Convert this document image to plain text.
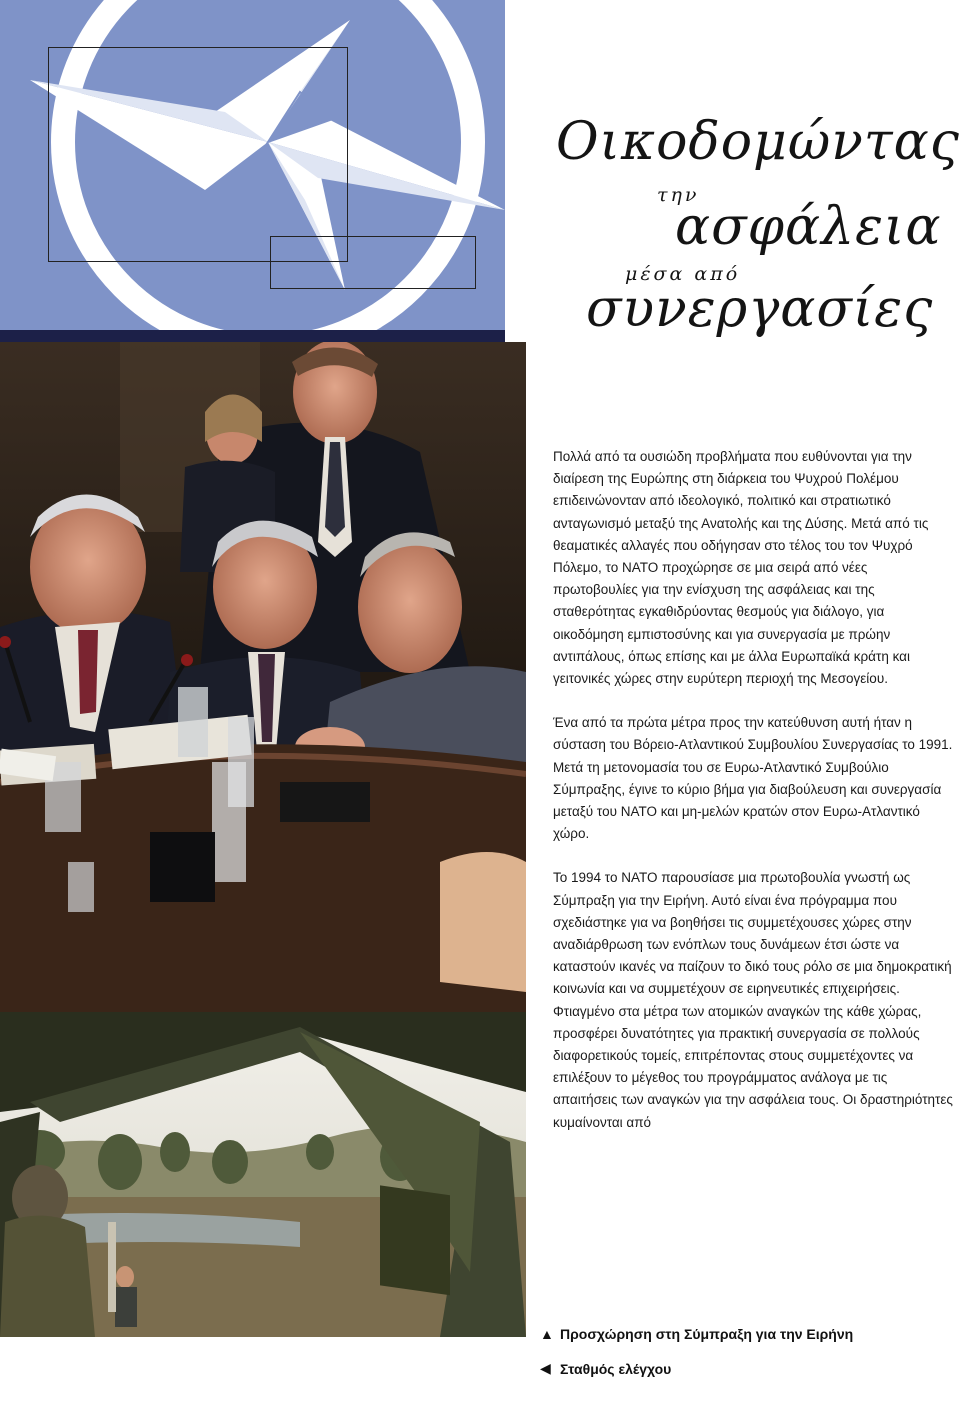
Οικοδομώντας
την
ασφάλεια
μέσα από
συνεργασίες

Πολλά από τα ουσιώδη προβλήματα που ευθύνονται για την διαίρεση της Ευρώπης στη διάρκεια του Ψυχρού Πολέμου επιδεινώνονταν από ιδεολογικό, πολιτικό και στρατιωτικό ανταγωνισμό μεταξύ της Ανατολής και της Δύσης. Μετά από τις θεαματικές αλλαγές που οδήγησαν στο τέλος του τον Ψυχρό Πόλεμο, το ΝΑΤΟ προχώρησε σε μια σειρά από νέες πρωτοβουλίες για την ενίσχυση της ασφάλειας και της σταθερότητας εγκαθιδρύοντας θεσμούς για διάλογο, για οικοδόμηση εμπιστοσύνης και για συνεργασία με πρώην αντιπάλους, όπως επίσης και με άλλα Ευρωπαϊκά κράτη και γειτονικές χώρες στην ευρύτερη περιοχή της Μεσογείου.

Ένα από τα πρώτα μέτρα προς την κατεύθυνση αυτή ήταν η σύσταση του Βόρειο-Ατλαντικού Συμβουλίου Συνεργασίας το 1991. Μετά τη μετονομασία του σε Ευρω-Ατλαντικό Συμβούλιο Σύμπραξης, έγινε το κύριο βήμα για διαβούλευση και συνεργασία μεταξύ του ΝΑΤΟ και μη-μελών κρατών στον Ευρω-Ατλαντικό χώρο.

Το 1994 το ΝΑΤΟ παρουσίασε μια πρωτοβουλία γνωστή ως Σύμπραξη για την Ειρήνη. Αυτό είναι ένα πρόγραμμα που σχεδιάστηκε για να βοηθήσει τις συμμετέχουσες χώρες στην αναδιάρθρωση των ενόπλων τους δυνάμεων έτσι ώστε να καταστούν ικανές να παίζουν το δικό τους ρόλο σε μια δημοκρατική κοινωνία και να συμμετέχουν σε ειρηνευτικές επιχειρήσεις. Φτιαγμένο στα μέτρα των ατομικών αναγκών της κάθε χώρας, προσφέρει δυνατότητες για πρακτική συνεργασία σε πολλούς διαφορετικούς τομείς, επιτρέποντας στους συμμετέχοντες να επιλέξουν το μέγεθος του προγράμματος ανάλογα με τις απαιτήσεις των αναγκών για την ασφάλεια τους. Οι δραστηριότητες κυμαίνονται από

▲ Προσχώρηση στη Σύμπραξη για την Ειρήνη
◀ Σταθμός ελέγχου
